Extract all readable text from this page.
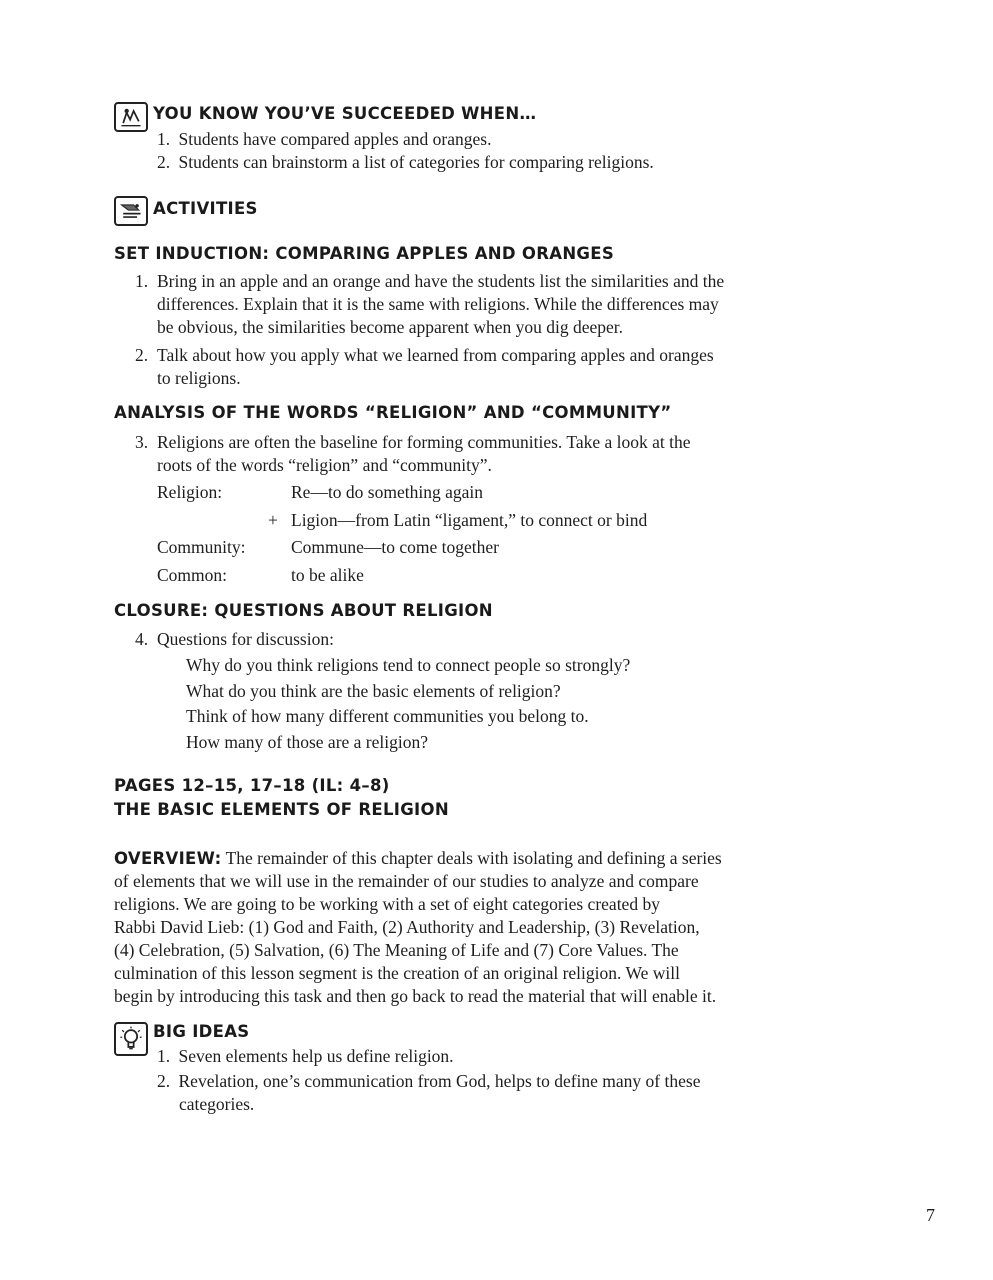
YOU KNOW YOU’VE SUCCEEDED WHEN…
1. Students have compared apples and oranges.
2. Students can brainstorm a list of categories for comparing religions.
ACTIVITIES
SET INDUCTION: COMPARING APPLES AND ORANGES
1. Bring in an apple and an orange and have the students list the similarities and the
differences. Explain that it is the same with religions. While the differences may
be obvious, the similarities become apparent when you dig deeper.
2. Talk about how you apply what we learned from comparing apples and oranges
to religions.
ANALYSIS OF THE WORDS “RELIGION” AND “COMMUNITY”
3. Religions are often the baseline for forming communities. Take a look at the
roots of the words “religion” and “community”.
Religion:	Re—to do something again
+ Ligion—from Latin “ligament,” to connect or bind
Community:	Commune—to come together
Common:	to be alike
CLOSURE: QUESTIONS ABOUT RELIGION
4. Questions for discussion:
Why do you think religions tend to connect people so strongly?
What do you think are the basic elements of religion?
Think of how many different communities you belong to.
How many of those are a religion?
PAGES 12–15, 17–18 (IL: 4–8)
THE BASIC ELEMENTS OF RELIGION
OVERVIEW: The remainder of this chapter deals with isolating and defining a series
of elements that we will use in the remainder of our studies to analyze and compare
religions. We are going to be working with a set of eight categories created by
Rabbi David Lieb: (1) God and Faith, (2) Authority and Leadership, (3) Revelation,
(4) Celebration, (5) Salvation, (6) The Meaning of Life and (7) Core Values. The
culmination of this lesson segment is the creation of an original religion. We will
begin by introducing this task and then go back to read the material that will enable it.
BIG IDEAS
1. Seven elements help us define religion.
2. Revelation, one’s communication from God, helps to define many of these
categories.
7
